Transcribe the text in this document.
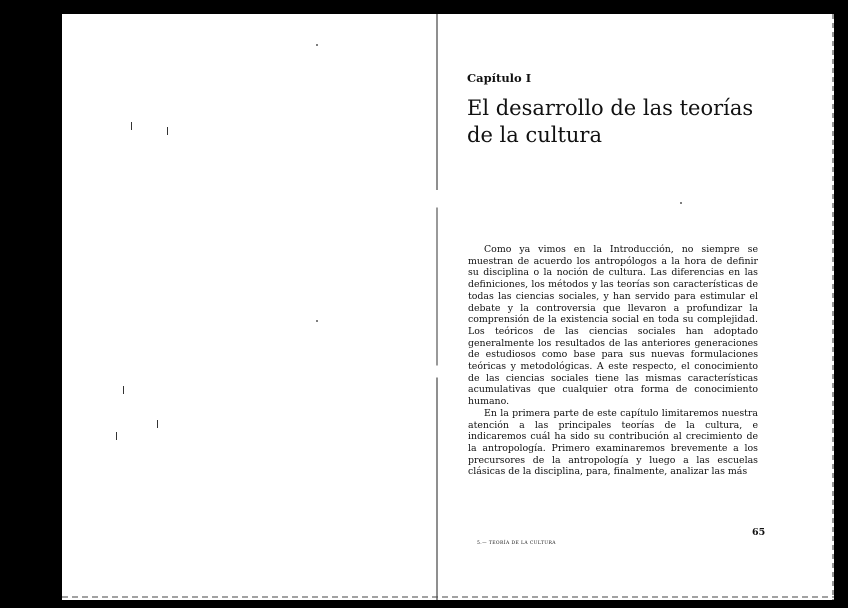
Capítulo I
El desarrollo de las teorías
de la cultura

Como ya vimos en la Introducción, no siempre se muestran de acuerdo los antropólogos a la hora de definir su disciplina o la noción de cultura. Las diferencias en las definiciones, los métodos y las teorías son características de todas las ciencias sociales, y han servido para estimular el debate y la controversia que llevaron a profundizar la comprensión de la existencia social en toda su complejidad. Los teóricos de las ciencias sociales han adoptado generalmente los resultados de las anteriores generaciones de estudiosos como base para sus nuevas formulaciones teóricas y metodológicas. A este respecto, el conocimiento de las ciencias sociales tiene las mismas características acumulativas que cualquier otra forma de conocimiento humano.

En la primera parte de este capítulo limitaremos nuestra atención a las principales teorías de la cultura, e indicaremos cuál ha sido su contribución al crecimiento de la antropología. Primero examinaremos brevemente a los precursores de la antropología y luego a las escuelas clásicas de la disciplina, para, finalmente, analizar las más

65
5.— TEORÍA DE LA CULTURA
